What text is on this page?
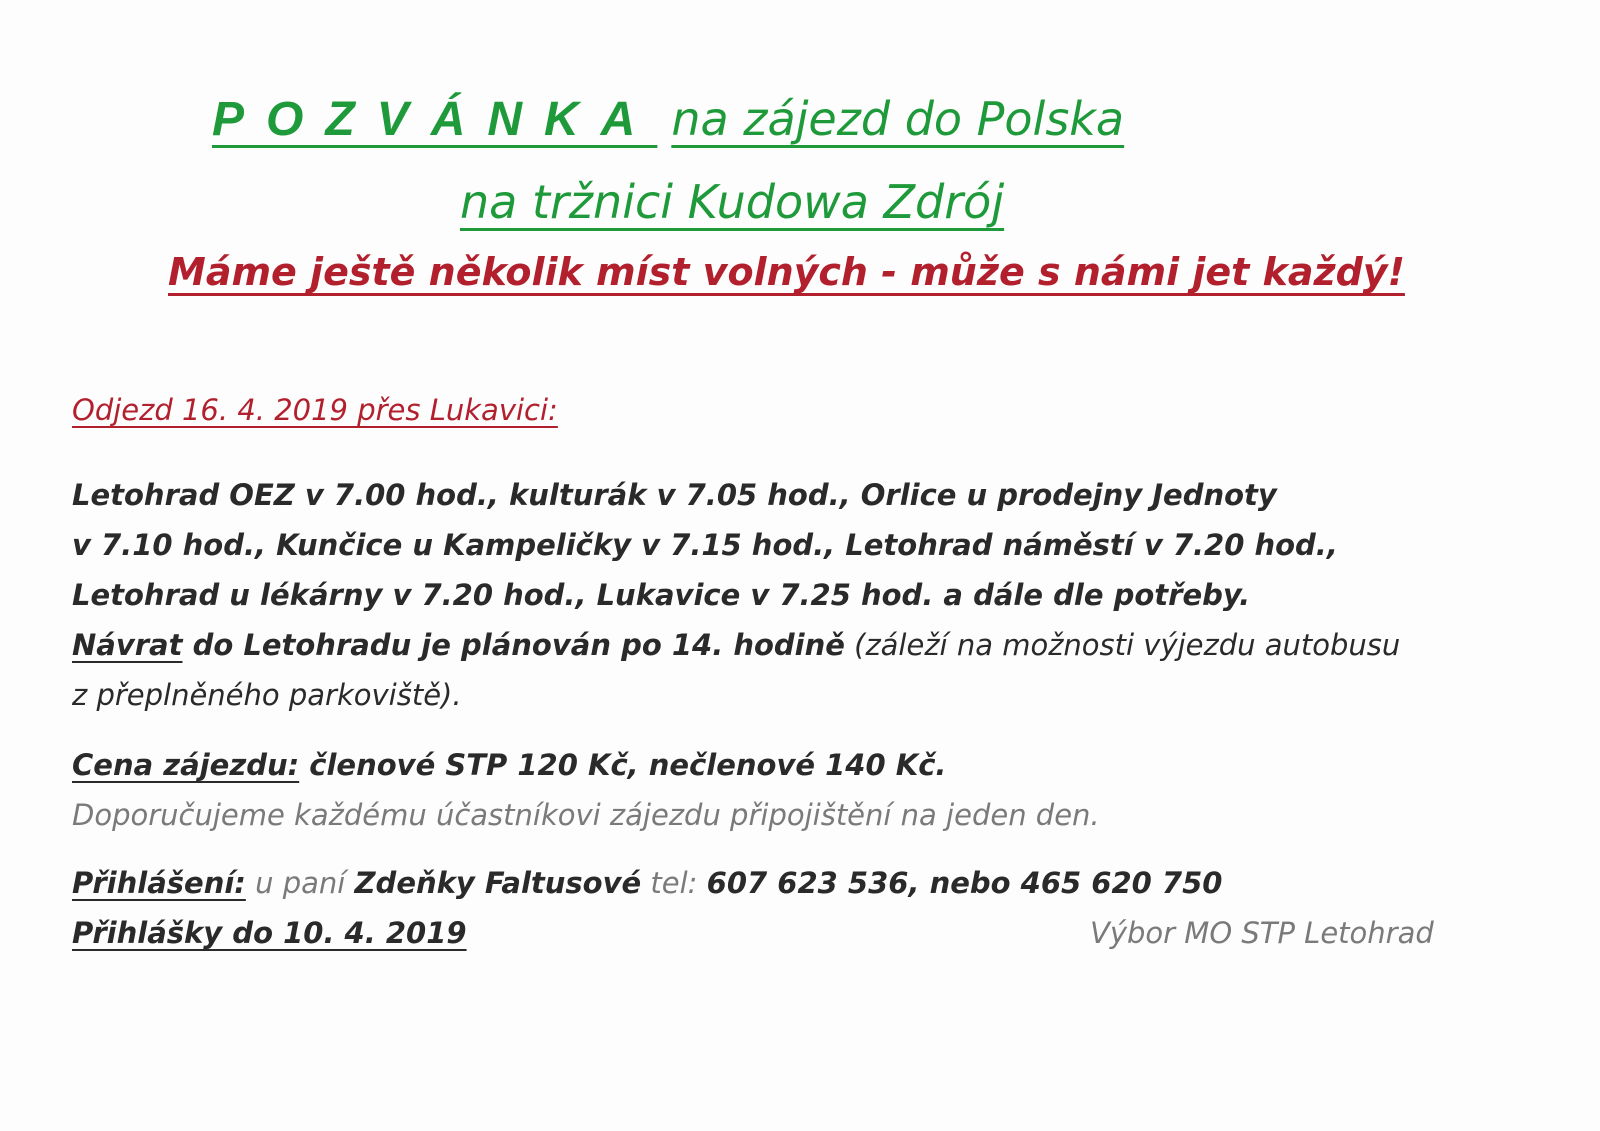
POZVÁNKA na zájezd do Polska
na tržnici Kudowa Zdrój
Máme ještě několik míst volných - může s námi jet každý!
Odjezd 16. 4. 2019 přes Lukavici:
Letohrad OEZ v 7.00 hod., kulturák v 7.05 hod., Orlice u prodejny Jednoty
v 7.10 hod., Kunčice u Kampeličky v 7.15 hod., Letohrad náměstí v 7.20 hod.,
Letohrad u lékárny v 7.20 hod., Lukavice v 7.25 hod. a dále dle potřeby.
Návrat do Letohradu je plánován po 14. hodině (záleží na možnosti výjezdu autobusu
z přeplněného parkoviště).
Cena zájezdu: členové STP 120 Kč, nečlenové 140 Kč.
Doporučujeme každému účastníkovi zájezdu připojištění na jeden den.
Přihlášení: u paní Zdeňky Faltusové tel: 607 623 536, nebo 465 620 750
Přihlášky do 10. 4. 2019	Výbor MO STP Letohrad
